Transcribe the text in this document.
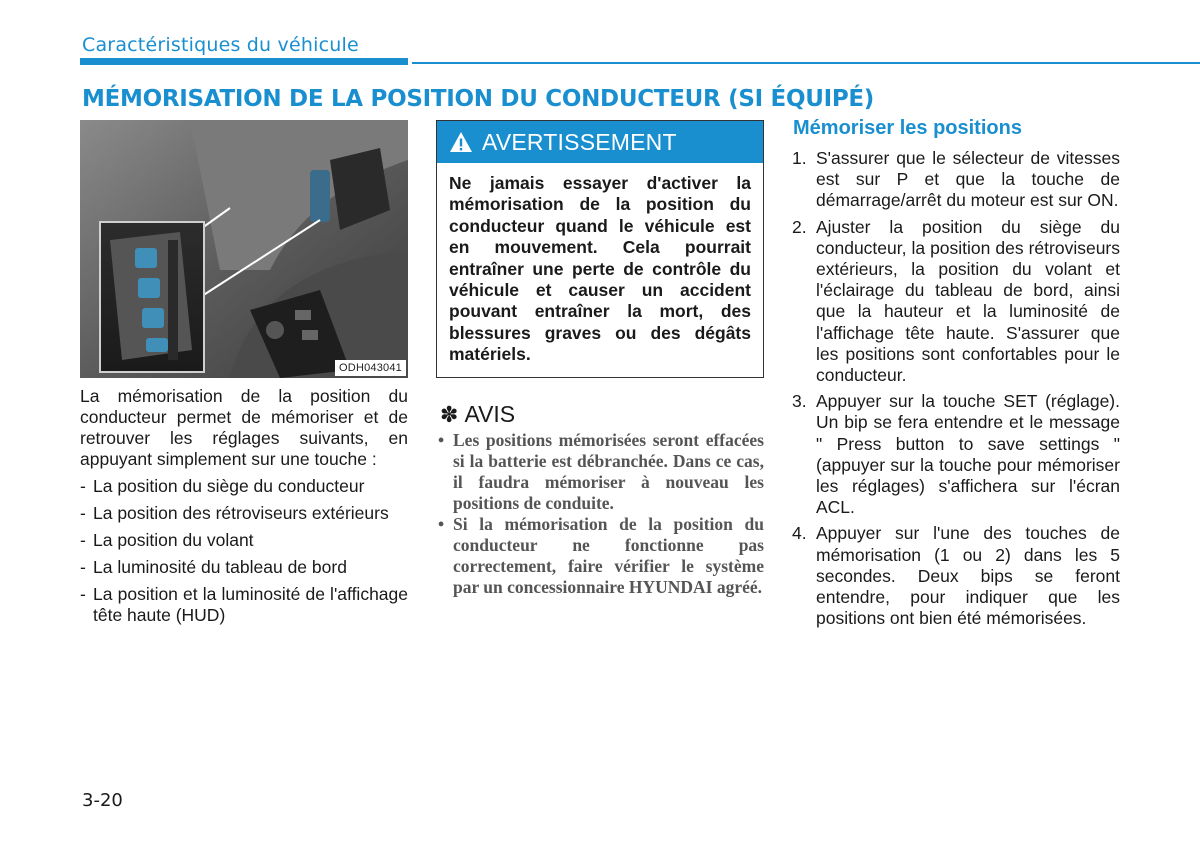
Caractéristiques du véhicule
MÉMORISATION DE LA POSITION DU CONDUCTEUR (SI ÉQUIPÉ)
ODH043041

La mémorisation de la position du conducteur permet de mémoriser et de retrouver les réglages suivants, en appuyant simplement sur une touche :

- La position du siège du conducteur
- La position des rétroviseurs extérieurs
- La position du volant
- La luminosité du tableau de bord
- La position et la luminosité de l'affichage tête haute (HUD)
AVERTISSEMENT
Ne jamais essayer d'activer la mémorisation de la position du conducteur quand le véhicule est en mouvement. Cela pourrait entraîner une perte de contrôle du véhicule et causer un accident pouvant entraîner la mort, des blessures graves ou des dégâts matériels.
✽ AVIS
• Les positions mémorisées seront effacées si la batterie est débranchée. Dans ce cas, il faudra mémoriser à nouveau les positions de conduite.
• Si la mémorisation de la position du conducteur ne fonctionne pas correctement, faire vérifier le système par un concessionnaire HYUNDAI agréé.
Mémoriser les positions
1. S'assurer que le sélecteur de vitesses est sur P et que la touche de démarrage/arrêt du moteur est sur ON.
2. Ajuster la position du siège du conducteur, la position des rétroviseurs extérieurs, la position du volant et l'éclairage du tableau de bord, ainsi que la hauteur et la luminosité de l'affichage tête haute. S'assurer que les positions sont confortables pour le conducteur.
3. Appuyer sur la touche SET (réglage). Un bip se fera entendre et le message " Press button to save settings " (appuyer sur la touche pour mémoriser les réglages) s'affichera sur l'écran ACL.
4. Appuyer sur l'une des touches de mémorisation (1 ou 2) dans les 5 secondes. Deux bips se feront entendre, pour indiquer que les positions ont bien été mémorisées.
3-20
